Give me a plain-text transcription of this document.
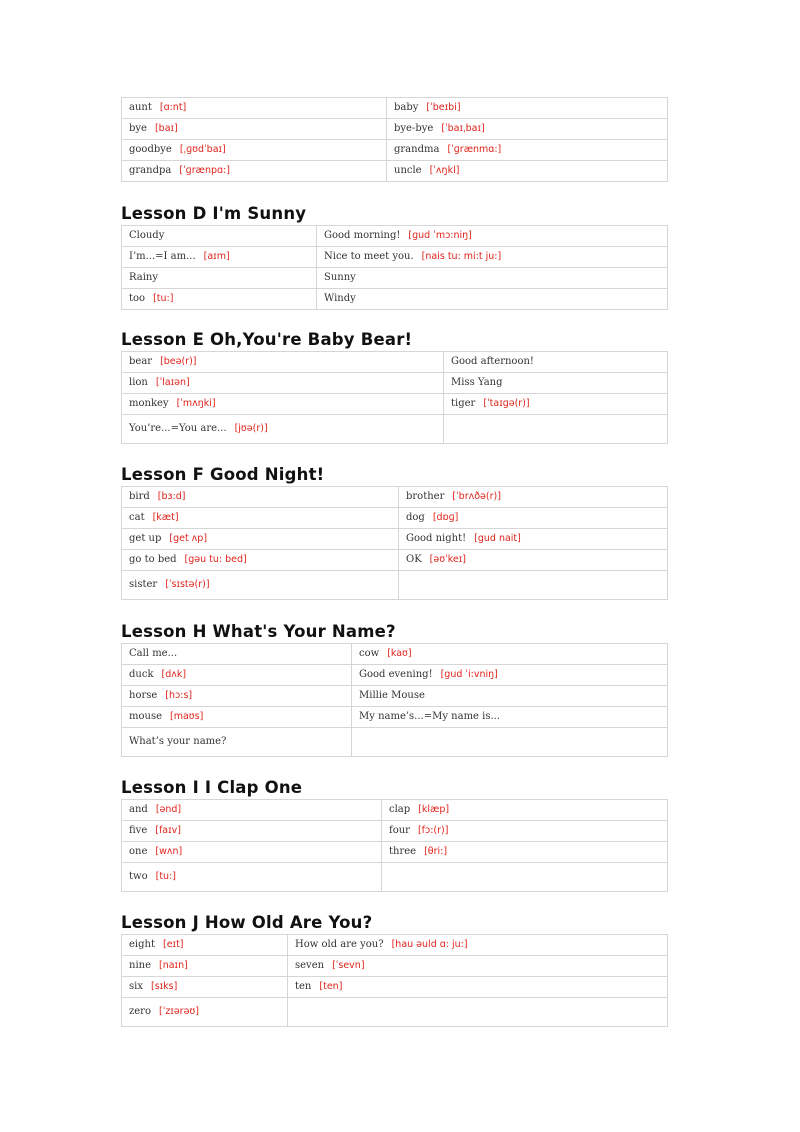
aunt [ɑ:nt]	baby [ˈbeɪbi]
bye [baɪ]	bye-bye [ˈbaɪˌbaɪ]
goodbye [ˌɡʊdˈbaɪ]	grandma [ˈɡrænmɑ:]
grandpa [ˈɡrænpɑ:]	uncle [ˈʌŋkl]
Lesson D I'm Sunny
Cloudy	Good morning! [gud ˈmɔ:niŋ]
I’m...=I am... [aɪm]	Nice to meet you. [nais tu: mi:t ju:]
Rainy	Sunny
too [tu:]	Windy
Lesson E Oh,You're Baby Bear!
bear [beə(r)]	Good afternoon!
lion [ˈlaɪən]	Miss Yang
monkey [ˈmʌŋki]	tiger [ˈtaɪɡə(r)]
You’re...=You are... [jʊə(r)]	
Lesson F Good Night!
bird [bɜ:d]	brother [ˈbrʌðə(r)]
cat [kæt]	dog [dɒɡ]
get up [get ʌp]	Good night! [gud nait]
go to bed [gəu tu: bed]	OK [əʊˈkeɪ]
sister [ˈsɪstə(r)]	
Lesson H What's Your Name?
Call me...	cow [kaʊ]
duck [dʌk]	Good evening! [gud ˈi:vniŋ]
horse [hɔ:s]	Millie Mouse
mouse [maʊs]	My name’s...=My name is...
What’s your name?	
Lesson I I Clap One
and [ənd]	clap [klæp]
five [faɪv]	four [fɔ:(r)]
one [wʌn]	three [θri:]
two [tu:]	
Lesson J How Old Are You?
eight [eɪt]	How old are you? [hau əuld ɑ: ju:]
nine [naɪn]	seven [ˈsevn]
six [sɪks]	ten [ten]
zero [ˈzɪərəʊ]	
